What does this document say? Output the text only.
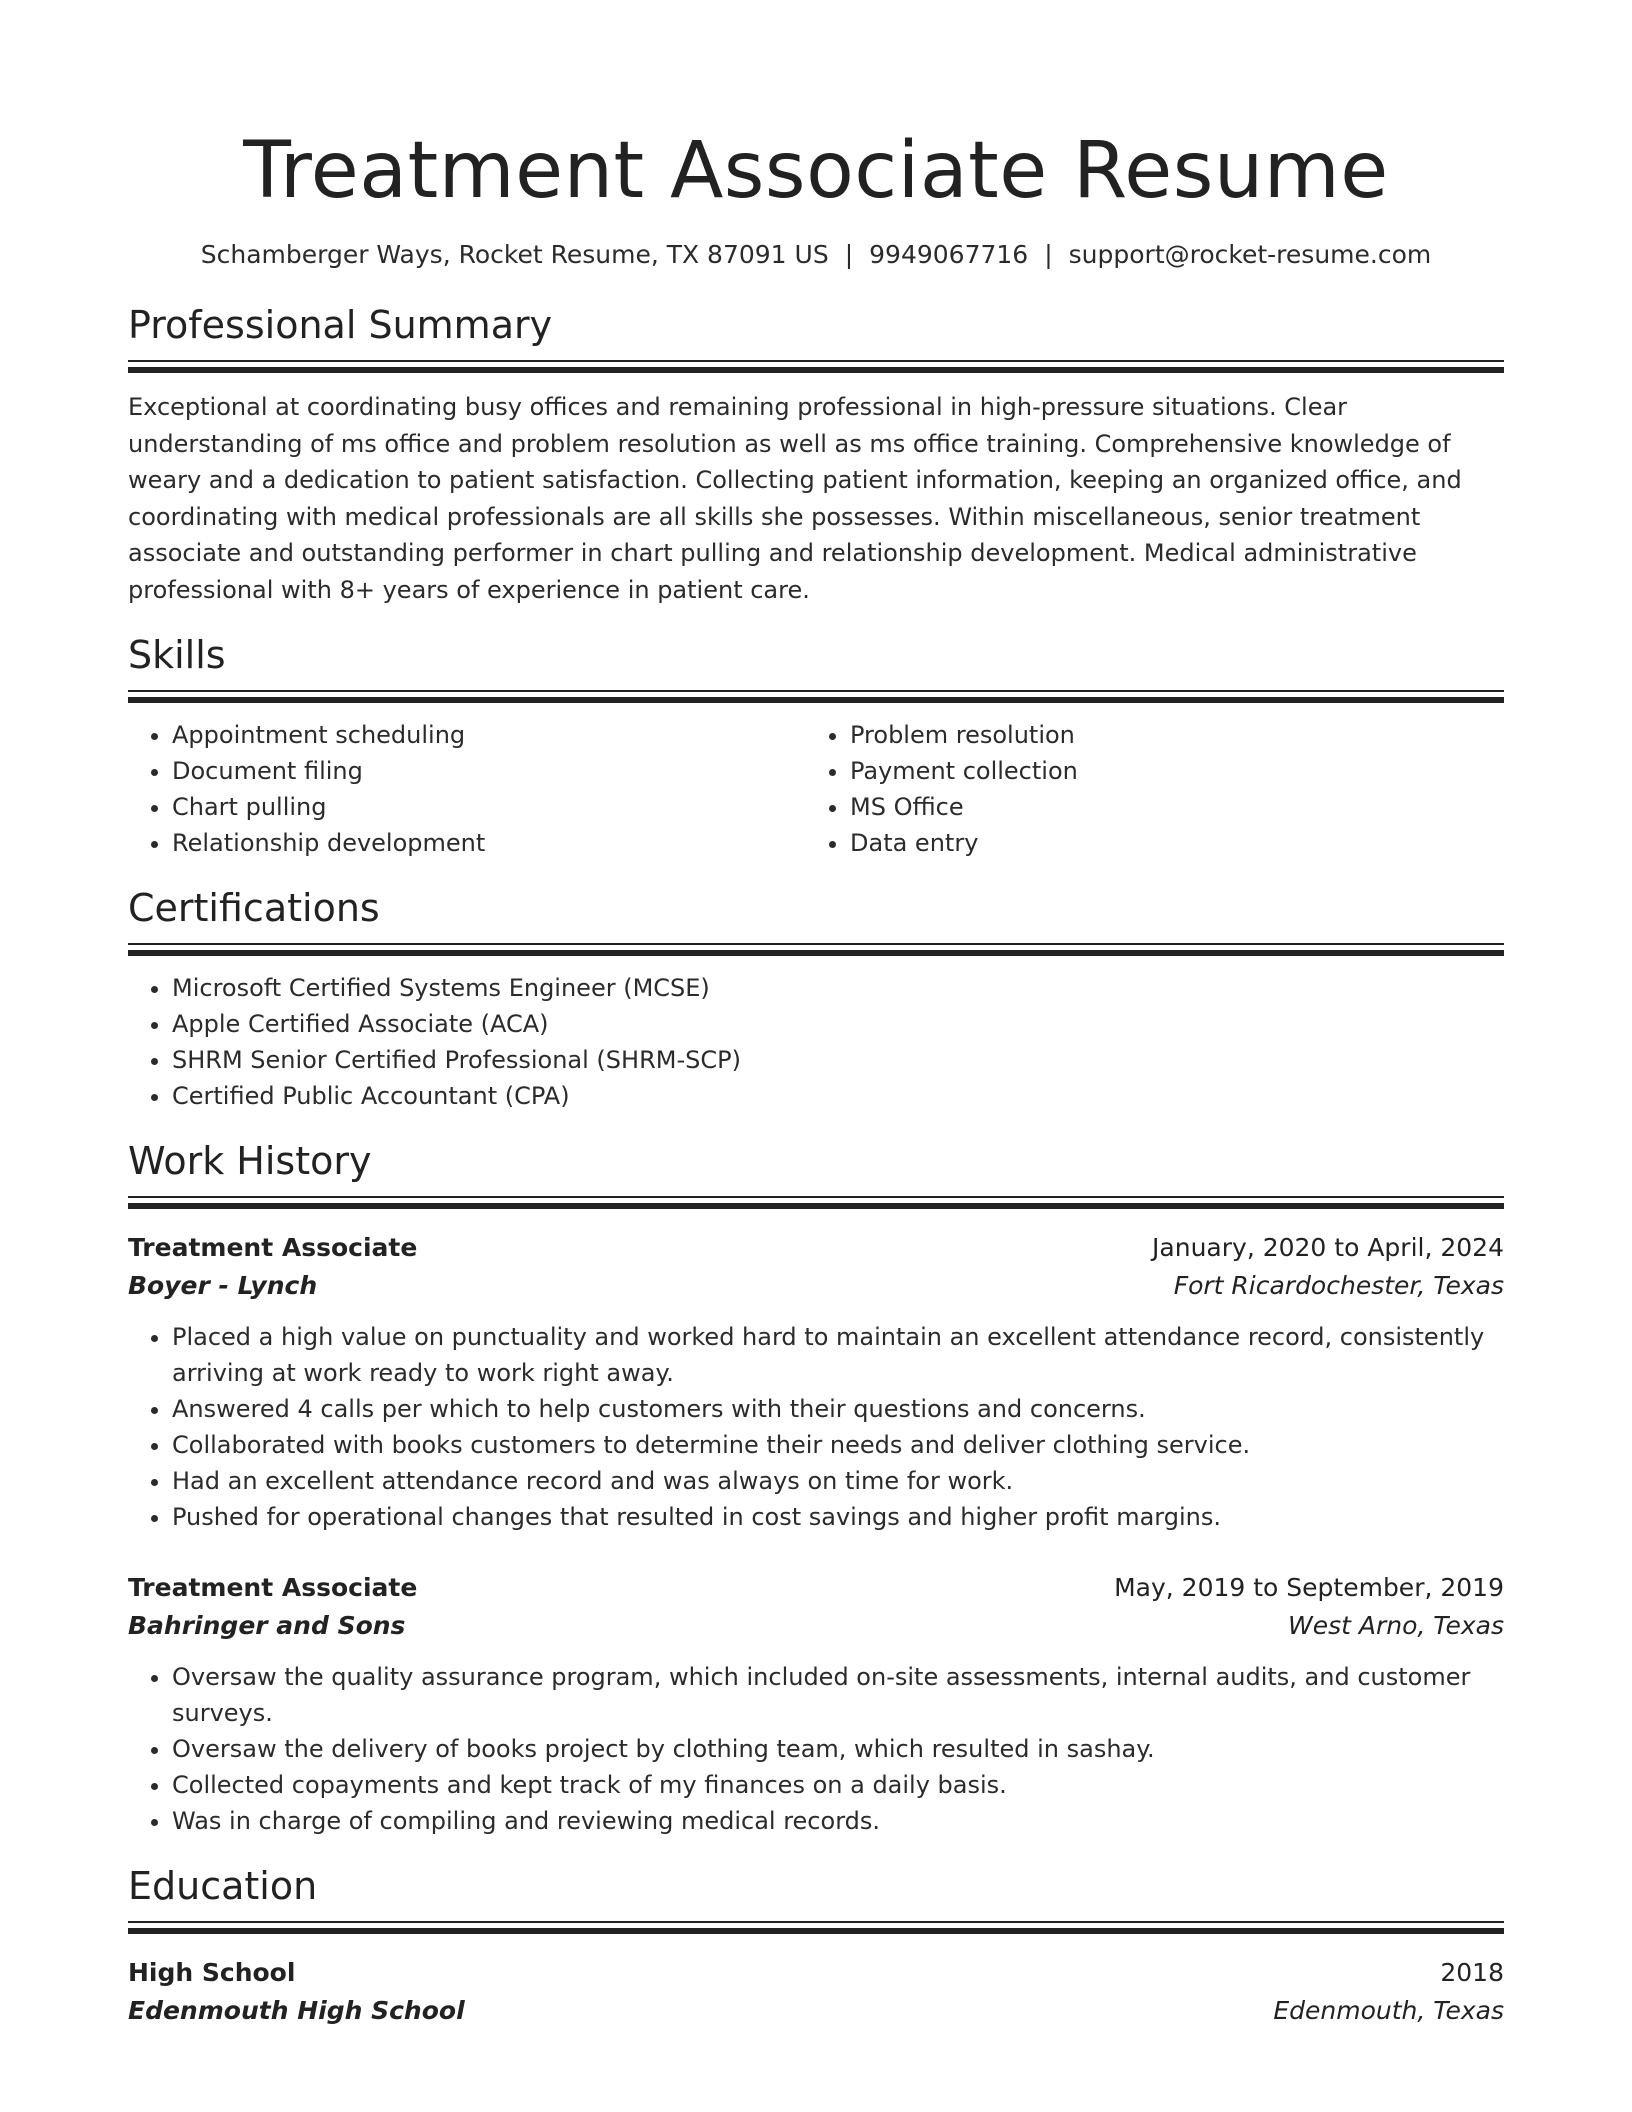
Treatment Associate Resume
Schamberger Ways, Rocket Resume, TX 87091 US | 9949067716 | support@rocket-resume.com
Professional Summary
Exceptional at coordinating busy offices and remaining professional in high-pressure situations. Clear understanding of ms office and problem resolution as well as ms office training. Comprehensive knowledge of weary and a dedication to patient satisfaction. Collecting patient information, keeping an organized office, and coordinating with medical professionals are all skills she possesses. Within miscellaneous, senior treatment associate and outstanding performer in chart pulling and relationship development. Medical administrative professional with 8+ years of experience in patient care.
Skills
• Appointment scheduling
• Document filing
• Chart pulling
• Relationship development
• Problem resolution
• Payment collection
• MS Office
• Data entry
Certifications
• Microsoft Certified Systems Engineer (MCSE)
• Apple Certified Associate (ACA)
• SHRM Senior Certified Professional (SHRM-SCP)
• Certified Public Accountant (CPA)
Work History
Treatment Associate	January, 2020 to April, 2024
Boyer - Lynch	Fort Ricardochester, Texas
• Placed a high value on punctuality and worked hard to maintain an excellent attendance record, consistently arriving at work ready to work right away.
• Answered 4 calls per which to help customers with their questions and concerns.
• Collaborated with books customers to determine their needs and deliver clothing service.
• Had an excellent attendance record and was always on time for work.
• Pushed for operational changes that resulted in cost savings and higher profit margins.
Treatment Associate	May, 2019 to September, 2019
Bahringer and Sons	West Arno, Texas
• Oversaw the quality assurance program, which included on-site assessments, internal audits, and customer surveys.
• Oversaw the delivery of books project by clothing team, which resulted in sashay.
• Collected copayments and kept track of my finances on a daily basis.
• Was in charge of compiling and reviewing medical records.
Education
High School	2018
Edenmouth High School	Edenmouth, Texas
